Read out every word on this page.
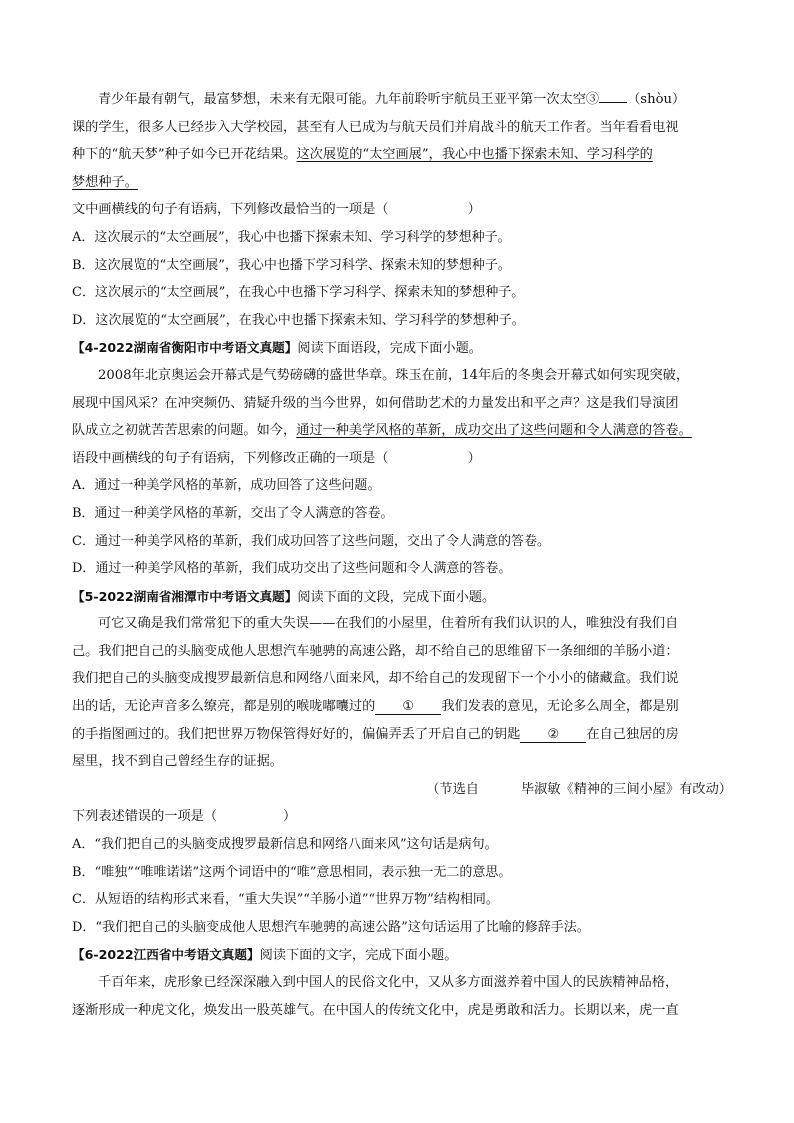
青少年最有朝气，最富梦想，未来有无限可能。九年前聆听宇航员王亚平第一次太空③ （shòu）
课的学生，很多人已经步入大学校园，甚至有人已成为与航天员们并肩战斗的航天工作者。当年看看电视
种下的“航天梦”种子如今已开花结果。这次展览的“太空画展”，我心中也播下探索未知、学习科学的
梦想种子。
文中画横线的句子有语病，下列修改最恰当的一项是（　　　　　　）
A．这次展示的“太空画展”，我心中也播下探索未知、学习科学的梦想种子。
B．这次展览的“太空画展”，我心中也播下学习科学、探索未知的梦想种子。
C．这次展示的“太空画展”，在我心中也播下学习科学、探索未知的梦想种子。
D．这次展览的“太空画展”，在我心中也播下探索未知、学习科学的梦想种子。
【4-2022湖南省衡阳市中考语文真题】阅读下面语段，完成下面小题。
2008年北京奥运会开幕式是气势磅礴的盛世华章。珠玉在前，14年后的冬奥会开幕式如何实现突破，
展现中国风采？在冲突频仍、猜疑升级的当今世界，如何借助艺术的力量发出和平之声？这是我们导演团
队成立之初就苦苦思索的问题。如今，通过一种美学风格的革新，成功交出了这些问题和令人满意的答卷。
语段中画横线的句子有语病，下列修改正确的一项是（　　　　　　）
A．通过一种美学风格的革新，成功回答了这些问题。
B．通过一种美学风格的革新，交出了令人满意的答卷。
C．通过一种美学风格的革新，我们成功回答了这些问题，交出了令人满意的答卷。
D．通过一种美学风格的革新，我们成功交出了这些问题和令人满意的答卷。
【5-2022湖南省湘潭市中考语文真题】阅读下面的文段，完成下面小题。
可它又确是我们常常犯下的重大失误——在我们的小屋里，住着所有我们认识的人，唯独没有我们自
己。我们把自己的头脑变成他人思想汽车驰骋的高速公路，却不给自己的思维留下一条细细的羊肠小道：
我们把自己的头脑变成搜罗最新信息和网络八面来风，却不给自己的发现留下一个小小的储藏盒。我们说
出的话，无论声音多么缭亮，都是别的喉咙嘟囔过的 ① 我们发表的意见，无论多么周全，都是别
的手指图画过的。我们把世界万物保管得好好的，偏偏弄丢了开启自己的钥匙 ② 在自己独居的房
屋里，找不到自己曾经生存的证据。
（节选自	毕淑敏《精神的三间小屋》有改动）
下列表述错误的一项是（　　　　　）
A．“我们把自己的头脑变成搜罗最新信息和网络八面来风”这句话是病句。
B．“唯独”“唯唯诺诺”这两个词语中的“唯”意思相同，表示独一无二的意思。
C．从短语的结构形式来看，“重大失误”“羊肠小道”“世界万物”结构相同。
D．“我们把自己的头脑变成他人思想汽车驰骋的高速公路”这句话运用了比喻的修辞手法。
【6-2022江西省中考语文真题】阅读下面的文字，完成下面小题。
千百年来，虎形象已经深深融入到中国人的民俗文化中，又从多方面滋养着中国人的民族精神品格，
逐渐形成一种虎文化，焕发出一股英雄气。在中国人的传统文化中，虎是勇敢和活力。长期以来，虎一直
